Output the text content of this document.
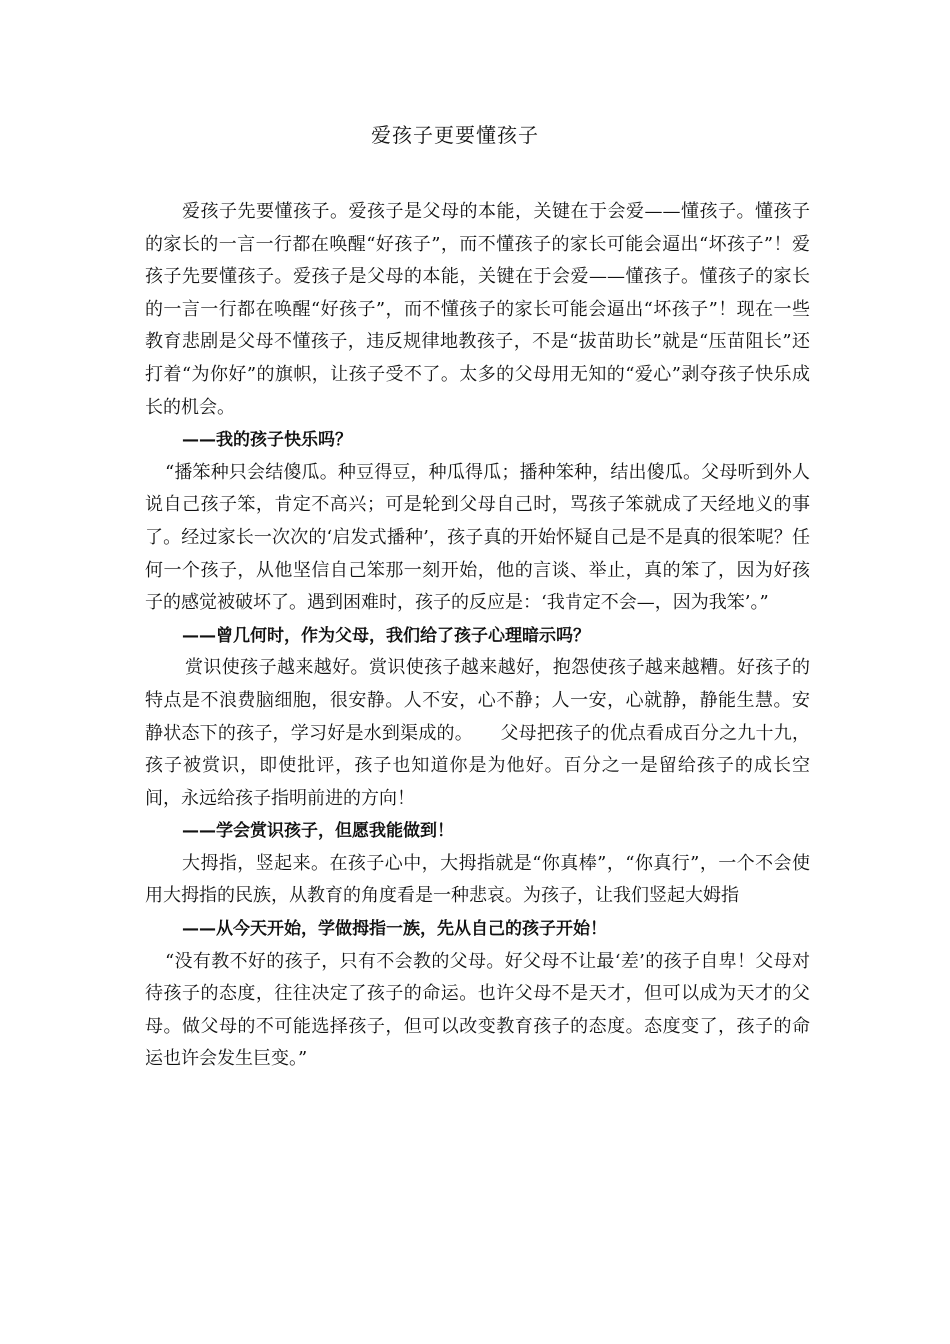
爱孩子更要懂孩子

爱孩子先要懂孩子。爱孩子是父母的本能，关键在于会爱——懂孩子。懂孩子的家长的一言一行都在唤醒“好孩子”，而不懂孩子的家长可能会逼出“坏孩子”！爱孩子先要懂孩子。爱孩子是父母的本能，关键在于会爱——懂孩子。懂孩子的家长的一言一行都在唤醒“好孩子”，而不懂孩子的家长可能会逼出“坏孩子”！现在一些教育悲剧是父母不懂孩子，违反规律地教孩子，不是“拔苗助长”就是“压苗阻长”还打着“为你好”的旗帜，让孩子受不了。太多的父母用无知的“爱心”剥夺孩子快乐成长的机会。

——我的孩子快乐吗？

“播笨种只会结傻瓜。种豆得豆，种瓜得瓜；播种笨种，结出傻瓜。父母听到外人说自己孩子笨，肯定不高兴；可是轮到父母自己时，骂孩子笨就成了天经地义的事了。经过家长一次次的‘启发式播种’，孩子真的开始怀疑自己是不是真的很笨呢？任何一个孩子，从他坚信自己笨那一刻开始，他的言谈、举止，真的笨了，因为好孩子的感觉被破坏了。遇到困难时，孩子的反应是：‘我肯定不会—，因为我笨’。”

——曾几何时，作为父母，我们给了孩子心理暗示吗？

赏识使孩子越来越好。赏识使孩子越来越好，抱怨使孩子越来越糟。好孩子的特点是不浪费脑细胞，很安静。人不安，心不静；人一安，心就静，静能生慧。安静状态下的孩子，学习好是水到渠成的。　　父母把孩子的优点看成百分之九十九，孩子被赏识，即使批评，孩子也知道你是为他好。百分之一是留给孩子的成长空间，永远给孩子指明前进的方向！

——学会赏识孩子，但愿我能做到！

大拇指，竖起来。在孩子心中，大拇指就是“你真棒”，“你真行”，一个不会使用大拇指的民族，从教育的角度看是一种悲哀。为孩子，让我们竖起大姆指

——从今天开始，学做拇指一族，先从自己的孩子开始！

“没有教不好的孩子，只有不会教的父母。好父母不让最‘差’的孩子自卑！父母对待孩子的态度，往往决定了孩子的命运。也许父母不是天才，但可以成为天才的父母。做父母的不可能选择孩子，但可以改变教育孩子的态度。态度变了，孩子的命运也许会发生巨变。”
